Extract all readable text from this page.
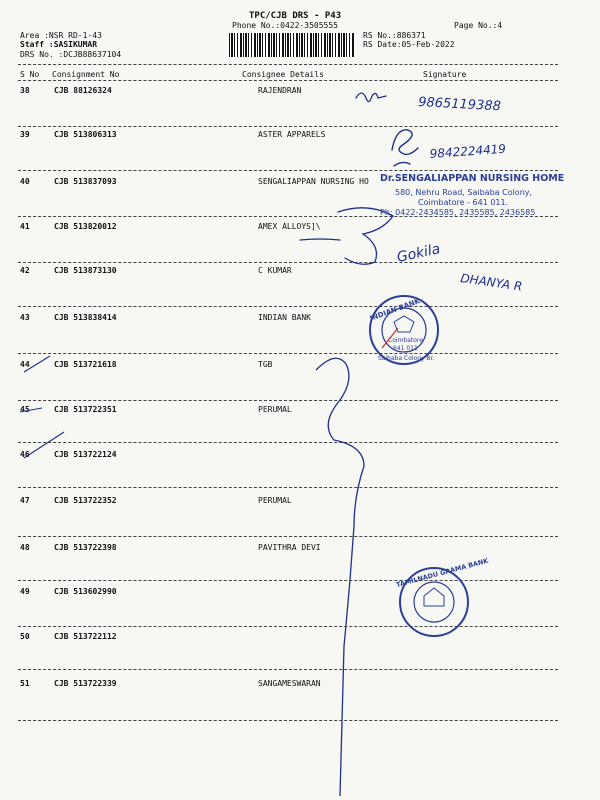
TPC/CJB DRS - P43
Phone No.:0422-3505555	Page No.:4
Area :NSR RD-1-43
Staff :SASIKUMAR
DRS No. :DCJB88637104
RS No.:886371
RS Date:05-Feb-2022
S No Consignment No	Consignee Details	Signature
38	CJB 88126324	RAJENDRAN
39	CJB 513806313	ASTER APPARELS
40	CJB 513837093	SENGALIAPPAN NURSING HO
41	CJB 513820012	AMEX ALLOYS]\
42	CJB 513873130	C KUMAR
43	CJB 513838414	INDIAN BANK
44	CJB 513721618	TGB
45	CJB 513722351	PERUMAL
46	CJB 513722124
47	CJB 513722352	PERUMAL
48	CJB 513722398	PAVITHRA DEVI
49	CJB 513602990
50	CJB 513722112
51	CJB 513722339	SANGAMESWARAN
9865119388
9842224419
Dr.SENGALIAPPAN NURSING HOME
580, Nehru Road, Saibaba Colony,
Coimbatore - 641 011.
Ph: 0422-2434585, 2435585, 2436585
Gokila
DHANYA R
INDIAN BANK
Coimbatore
641 011
Saibaba Colony Br.
TAMILNADU GRAMA BANK
